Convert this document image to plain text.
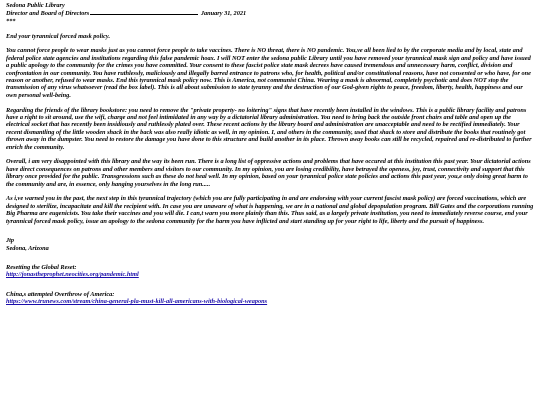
Sedona Public Library

Director and Board of Directors	January 31, 2021

***

End your tyrannical forced mask policy.

You cannot force people to wear masks just as you cannot force people to take vaccines. There is NO threat, there is NO pandemic. You,ve all been lied to by the corporate media and by local, state and federal police state agencies and institutions regarding this false pandemic hoax. I will NOT enter the sedona public Library until you have removed your tyrannical mask sign and policy and have issued a public apology to the community for the crimes you have committed. Your consent to these fascist police state mask decrees have caused tremendous and unnecessary harm, conflict, division and confrontation in our community. You have ruthlessly, maliciously and illegally barred entrance to patrons who, for health, political and/or constitutional reasons, have not consented or who have, for one reason or another, refused to wear masks. End this tyrannical mask policy now. This is America, not communist China. Wearing a mask is abnormal, completely psychotic and does NOT stop the transmission of any virus whatsoever (read the box label). This is all about submission to state tyranny and the destruction of our God-given rights to peace, freedom, liberty, health, happiness and our own personal well-being.

Regarding the friends of the library bookstore: you need to remove the "private property- no loitering" signs that have recently been installed in the windows. This is a public library facility and patrons have a right to sit around, use the wifi, charge and not feel intimidated in any way by a dictatorial library administration. You need to bring back the outside front chairs and table and open up the electrical socket that has recently been insidiously and ruthlessly plated over. These recent actions by the library board and administration are unacceptable and need to be rectified immediately. Your recent dismantling of the little wooden shack in the back was also really idiotic as well, in my opinion. I, and others in the community, used that shack to store and distribute the books that routinely got thrown away in the dumpster. You need to restore the damage you have done to this structure and build another in its place. Thrown away books can still be recycled, repaired and re-distributed to further enrich the community.

Overall, i am very disappointed with this library and the way its been run. There is a long list of oppressive actions and problems that have occured at this institution this past year. Your dictatorial actions have direct consequences on patrons and other members and visitors to our community. In my opinion, you are losing credibility, have betrayed the openess, joy, trust, connectivity and support that this library once provided for the public. Transgressions such as these do not heal well. In my opinion, based on your tyrannical police state policies and actions this past year, you,e only doing great harm to the community and are, in essence, only hanging yourselves in the long run.....

As i,ve warned you in the past, the next step in this tyrannical trajectory (which you are fully participating in and are endorsing with your current fascist mask policy) are forced vaccinations, which are designed to sterilize, incapacitate and kill the recipient with. In case you are unaware of what is happening, we are in a national and global depopulation program. Bill Gates and the corporations running Big Pharma are eugenicists. You take their vaccines and you will die. I can,t warn you more plainly than this. Thus said, as a largely private institution, you need to immediately reverse course, end your tyrannical forced mask policy, issue an apology to the sedona community for the harm you have inflicted and start standing up for your right to life, liberty and the pursuit of happiness.

Jtp

Sedona, Arizona

Resetting the Global Reset:

http://jonastheprophet.neocities.org/pandemic.html

China,s attempted Overthrow of America:

https://www.trunews.com/stream/china-general-pla-must-kill-all-americans-with-biological-weapons
